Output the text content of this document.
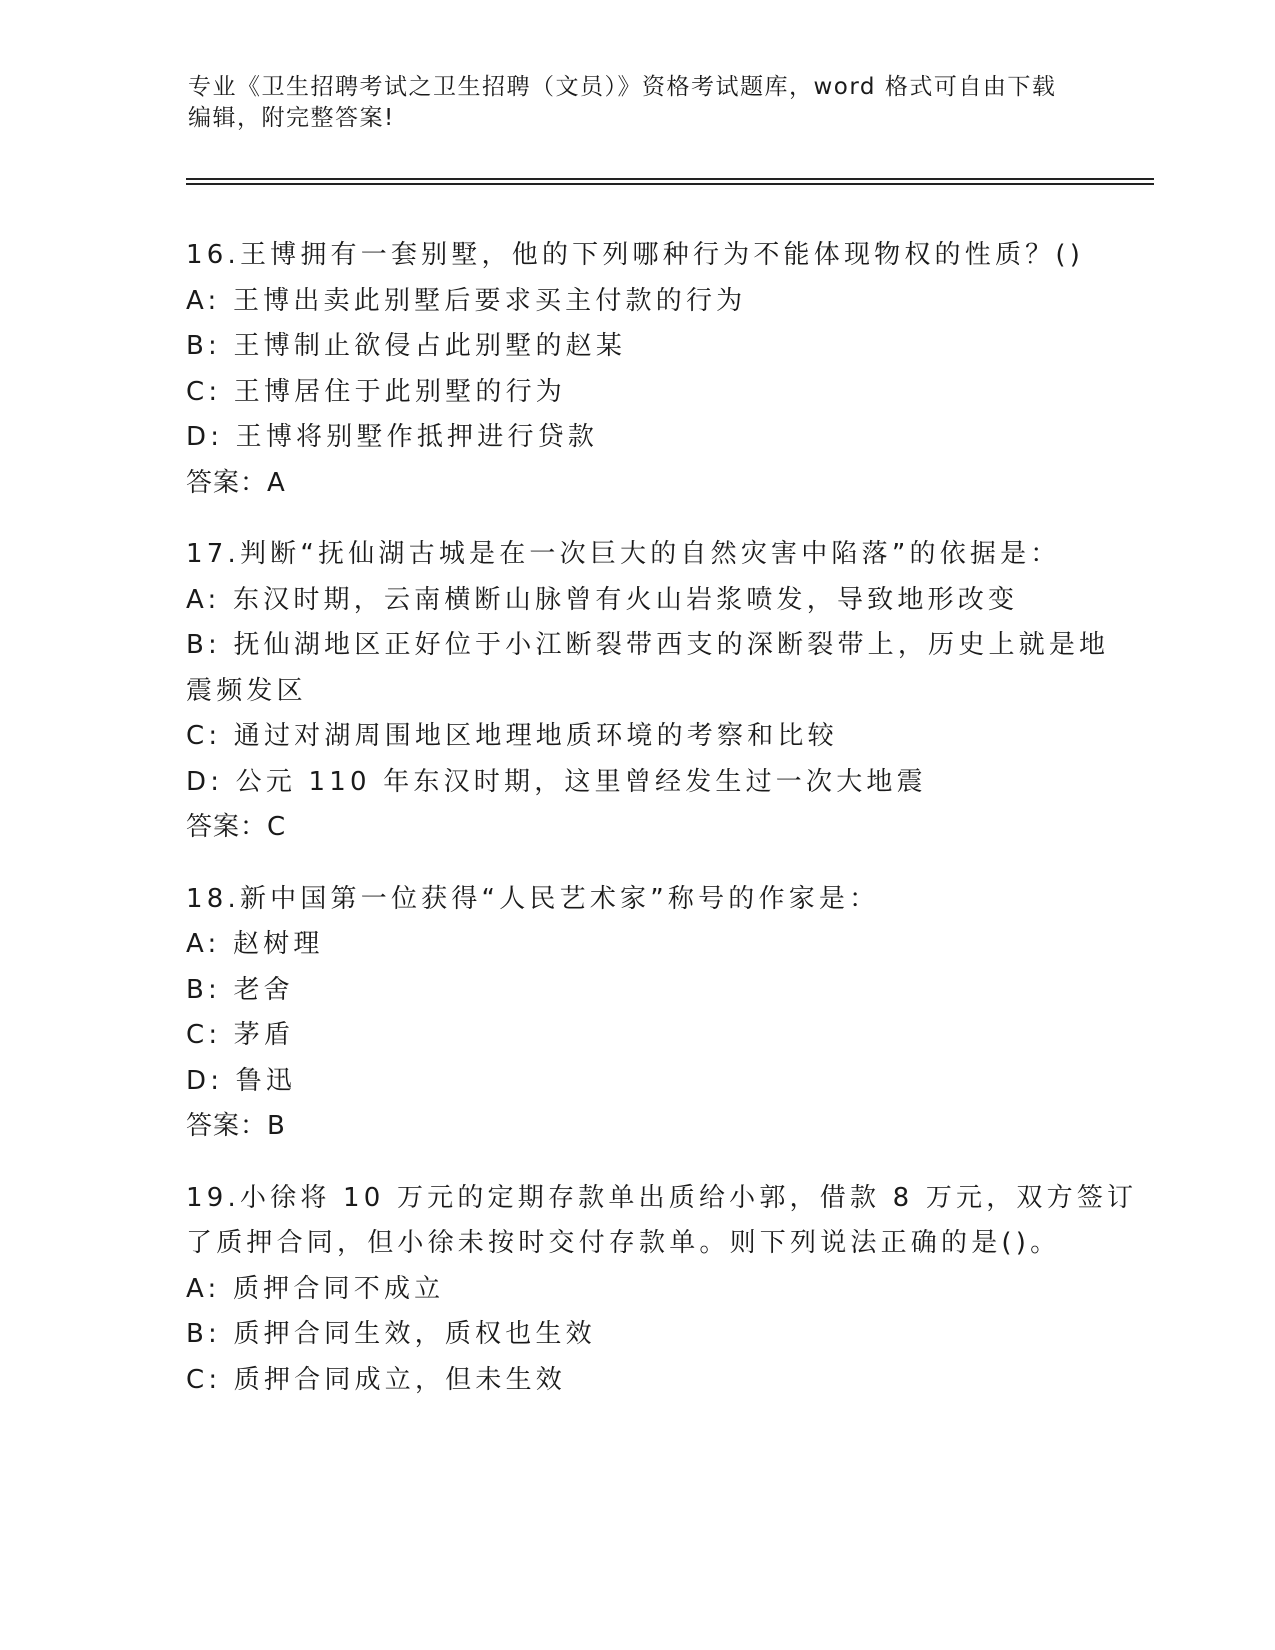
专业《卫生招聘考试之卫生招聘（文员）》资格考试题库，word 格式可自由下载
编辑，附完整答案!
16.王博拥有一套别墅，他的下列哪种行为不能体现物权的性质？()
A: 王博出卖此别墅后要求买主付款的行为
B: 王博制止欲侵占此别墅的赵某
C: 王博居住于此别墅的行为
D: 王博将别墅作抵押进行贷款
答案：A
17.判断“抚仙湖古城是在一次巨大的自然灾害中陷落”的依据是：
A: 东汉时期，云南横断山脉曾有火山岩浆喷发，导致地形改变
B: 抚仙湖地区正好位于小江断裂带西支的深断裂带上，历史上就是地
震频发区
C: 通过对湖周围地区地理地质环境的考察和比较
D: 公元 110 年东汉时期，这里曾经发生过一次大地震
答案：C
18.新中国第一位获得“人民艺术家”称号的作家是：
A: 赵树理
B: 老舍
C: 茅盾
D: 鲁迅
答案：B
19.小徐将 10 万元的定期存款单出质给小郭，借款 8 万元，双方签订
了质押合同，但小徐未按时交付存款单。则下列说法正确的是()。
A: 质押合同不成立
B: 质押合同生效，质权也生效
C: 质押合同成立，但未生效
